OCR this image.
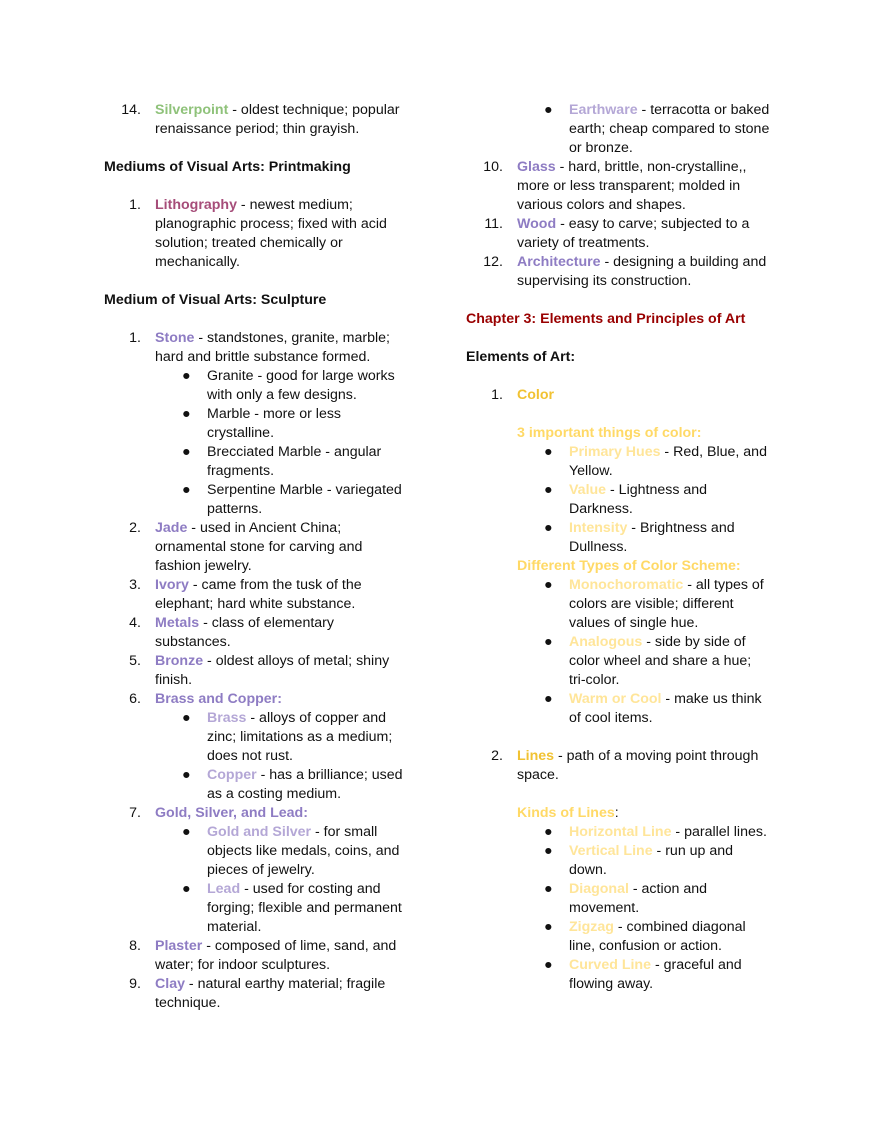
14. Silverpoint - oldest technique; popular
renaissance period; thin grayish.
Mediums of Visual Arts: Printmaking
1. Lithography - newest medium;
planographic process; fixed with acid
solution; treated chemically or
mechanically.
Medium of Visual Arts: Sculpture
1. Stone - standstones, granite, marble;
hard and brittle substance formed.
● Granite - good for large works
with only a few designs.
● Marble - more or less
crystalline.
● Brecciated Marble - angular
fragments.
● Serpentine Marble - variegated
patterns.
2. Jade - used in Ancient China;
ornamental stone for carving and
fashion jewelry.
3. Ivory - came from the tusk of the
elephant; hard white substance.
4. Metals - class of elementary
substances.
5. Bronze - oldest alloys of metal; shiny
finish.
6. Brass and Copper:
● Brass - alloys of copper and
zinc; limitations as a medium;
does not rust.
● Copper - has a brilliance; used
as a costing medium.
7. Gold, Silver, and Lead:
● Gold and Silver - for small
objects like medals, coins, and
pieces of jewelry.
● Lead - used for costing and
forging; flexible and permanent
material.
8. Plaster - composed of lime, sand, and
water; for indoor sculptures.
9. Clay - natural earthy material; fragile
technique.
● Earthware - terracotta or baked
earth; cheap compared to stone
or bronze.
10. Glass - hard, brittle, non-crystalline,,
more or less transparent; molded in
various colors and shapes.
11. Wood - easy to carve; subjected to a
variety of treatments.
12. Architecture - designing a building and
supervising its construction.
Chapter 3: Elements and Principles of Art
Elements of Art:
1. Color
3 important things of color:
● Primary Hues - Red, Blue, and
Yellow.
● Value - Lightness and
Darkness.
● Intensity - Brightness and
Dullness.
Different Types of Color Scheme:
● Monochoromatic - all types of
colors are visible; different
values of single hue.
● Analogous - side by side of
color wheel and share a hue;
tri-color.
● Warm or Cool - make us think
of cool items.
2. Lines - path of a moving point through
space.
Kinds of Lines:
● Horizontal Line - parallel lines.
● Vertical Line - run up and
down.
● Diagonal - action and
movement.
● Zigzag - combined diagonal
line, confusion or action.
● Curved Line - graceful and
flowing away.
